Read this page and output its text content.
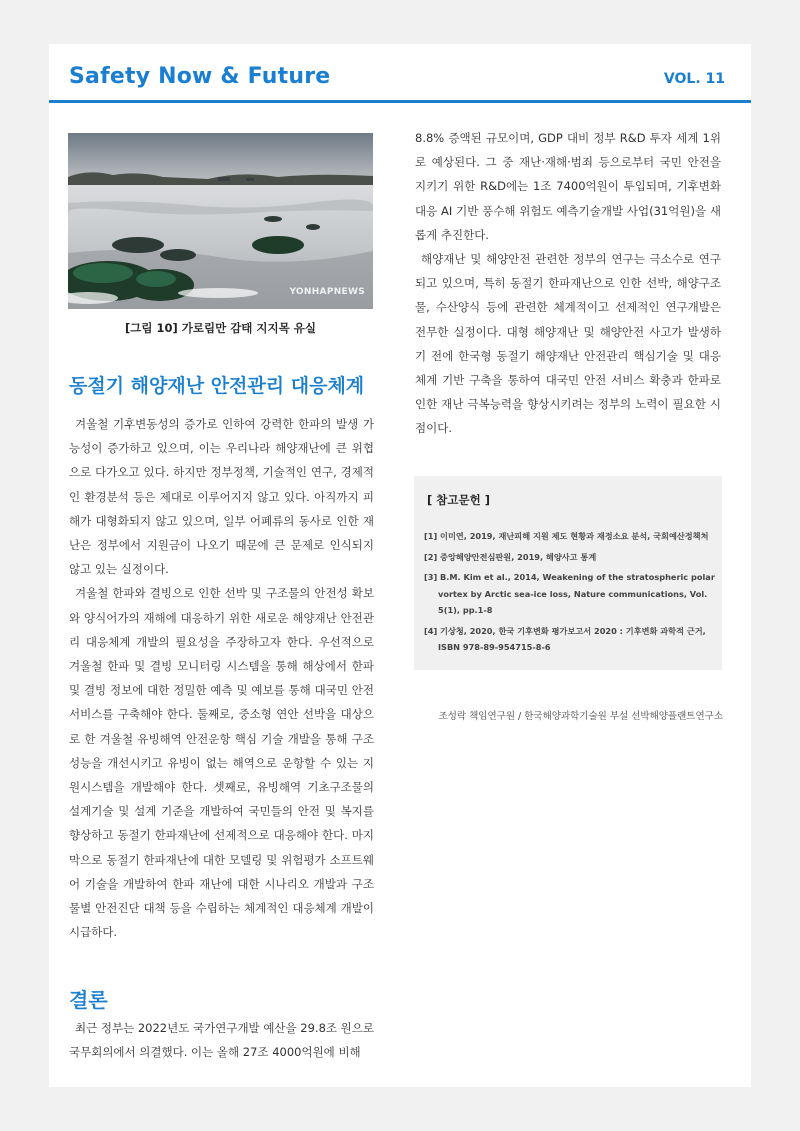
Safety Now & Future	VOL. 11
YONHAPNEWS
[그림 10] 가로림만 감태 지지목 유실
동절기 해양재난 안전관리 대응체계

겨울철 기후변동성의 증가로 인하여 강력한 한파의 발생 가능성이 증가하고 있으며, 이는 우리나라 해양재난에 큰 위협으로 다가오고 있다. 하지만 정부정책, 기술적인 연구, 경제적인 환경분석 등은 제대로 이루어지지 않고 있다. 아직까지 피해가 대형화되지 않고 있으며, 일부 어폐류의 동사로 인한 재난은 정부에서 지원금이 나오기 때문에 큰 문제로 인식되지 않고 있는 실정이다.

겨울철 한파와 결빙으로 인한 선박 및 구조물의 안전성 확보와 양식어가의 재해에 대응하기 위한 새로운 해양재난 안전관리 대응체계 개발의 필요성을 주장하고자 한다. 우선적으로 겨울철 한파 및 결빙 모니터링 시스템을 통해 해상에서 한파 및 결빙 정보에 대한 정밀한 예측 및 예보를 통해 대국민 안전서비스를 구축해야 한다. 둘째로, 중소형 연안 선박을 대상으로 한 겨울철 유빙해역 안전운항 핵심 기술 개발을 통해 구조성능을 개선시키고 유빙이 없는 해역으로 운항할 수 있는 지원시스템을 개발해야 한다. 셋째로, 유빙해역 기초구조물의 설계기술 및 설계 기준을 개발하여 국민들의 안전 및 복지를 향상하고 동절기 한파재난에 선제적으로 대응해야 한다. 마지막으로 동절기 한파재난에 대한 모델링 및 위험평가 소프트웨어 기술을 개발하여 한파 재난에 대한 시나리오 개발과 구조물별 안전진단 대책 등을 수립하는 체계적인 대응체계 개발이 시급하다.

결론

최근 정부는 2022년도 국가연구개발 예산을 29.8조 원으로 국무회의에서 의결했다. 이는 올해 27조 4000억원에 비해

8.8% 증액된 규모이며, GDP 대비 정부 R&D 투자 세계 1위로 예상된다. 그 중 재난·재해·범죄 등으로부터 국민 안전을 지키기 위한 R&D에는 1조 7400억원이 투입되며, 기후변화 대응 AI 기반 풍수해 위험도 예측기술개발 사업(31억원)을 새롭게 추진한다.

해양재난 및 해양안전 관련한 정부의 연구는 극소수로 연구되고 있으며, 특히 동절기 한파재난으로 인한 선박, 해양구조물, 수산양식 등에 관련한 체계적이고 선제적인 연구개발은 전무한 실정이다. 대형 해양재난 및 해양안전 사고가 발생하기 전에 한국형 동절기 해양재난 안전관리 핵심기술 및 대응체계 기반 구축을 통하여 대국민 안전 서비스 확충과 한파로 인한 재난 극복능력을 향상시키려는 정부의 노력이 필요한 시점이다.

[ 참고문헌 ]
[1] 이미연, 2019, 재난피해 지원 제도 현황과 재정소요 분석, 국회예산정책처
[2] 중앙해양안전심판원, 2019, 해양사고 통계
[3] B.M. Kim et al., 2014, Weakening of the stratospheric polar vortex by Arctic sea-ice loss, Nature communications, Vol. 5(1), pp.1-8
[4] 기상청, 2020, 한국 기후변화 평가보고서 2020 : 기후변화 과학적 근거, ISBN 978-89-954715-8-6
조성락 책임연구원 / 한국해양과학기술원 부설 선박해양플랜트연구소
